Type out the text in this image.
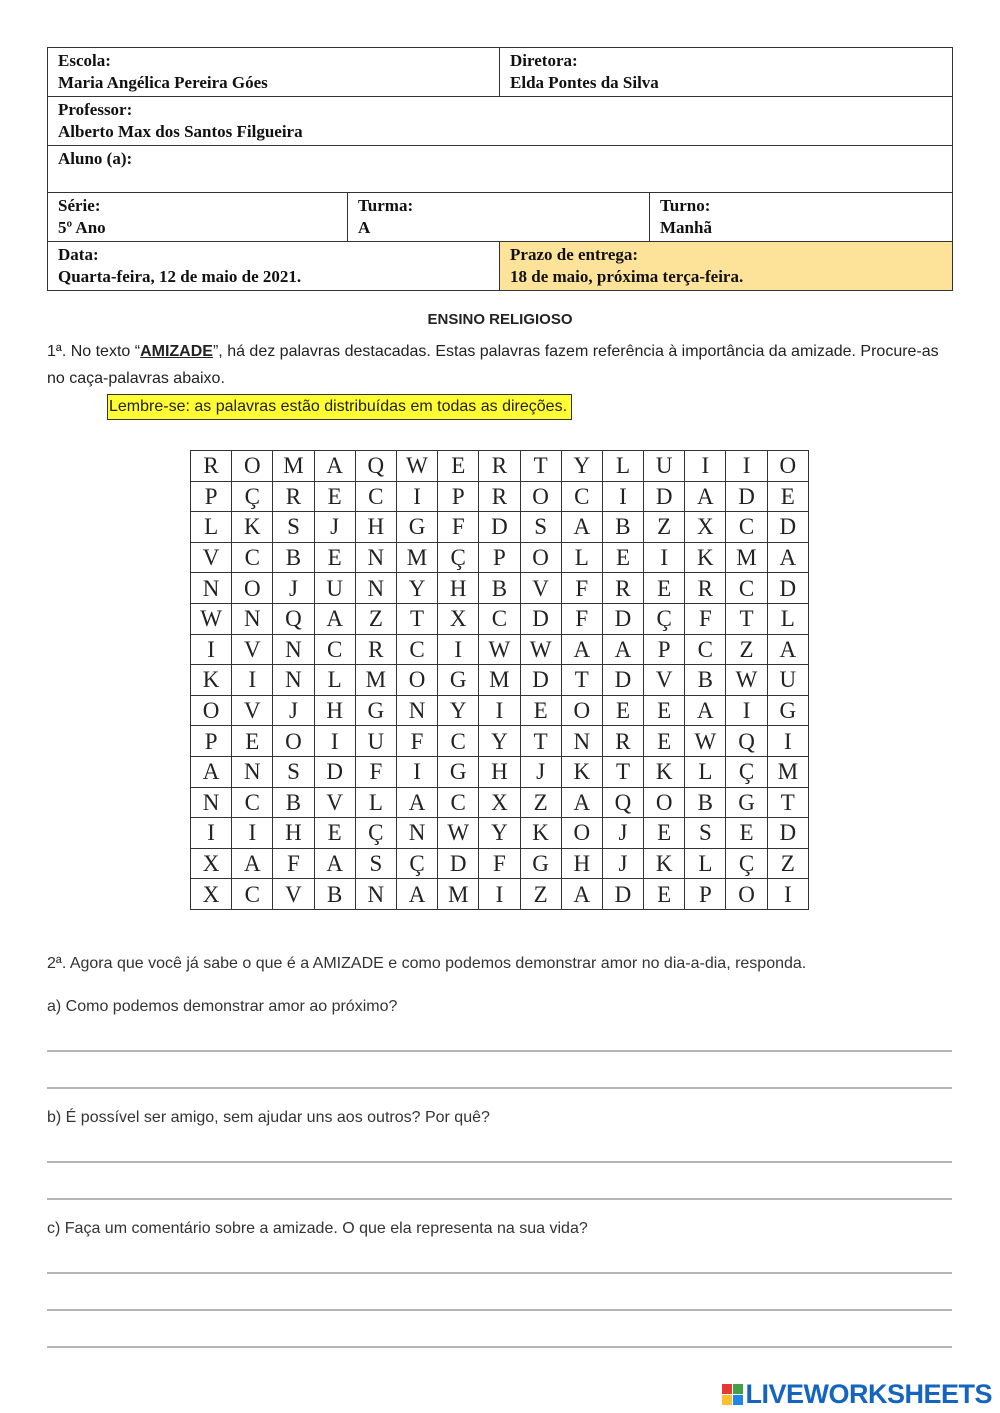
Escola:
Maria Angélica Pereira Góes		Diretora:
Elda Pontes da Silva	

Professor:
Alberto Max dos Santos Filgueira			

Aluno (a):			

Série:
5º Ano	Turma:
A		Turno:
Manhã

Data:
Quarta-feira, 12 de maio de 2021.		Prazo de entrega:
18 de maio, próxima terça-feira.	
ENSINO RELIGIOSO
1ª. No texto “AMIZADE”, há dez palavras destacadas. Estas palavras fazem referência à importância da amizade. Procure-as no caça-palavras abaixo.
Lembre-se: as palavras estão distribuídas em todas as direções.
R	O	M	A	Q	W	E	R	T	Y	L	U	I	I	O
P	Ç	R	E	C	I	P	R	O	C	I	D	A	D	E
L	K	S	J	H	G	F	D	S	A	B	Z	X	C	D
V	C	B	E	N	M	Ç	P	O	L	E	I	K	M	A
N	O	J	U	N	Y	H	B	V	F	R	E	R	C	D
W	N	Q	A	Z	T	X	C	D	F	D	Ç	F	T	L
I	V	N	C	R	C	I	W	W	A	A	P	C	Z	A
K	I	N	L	M	O	G	M	D	T	D	V	B	W	U
O	V	J	H	G	N	Y	I	E	O	E	E	A	I	G
P	E	O	I	U	F	C	Y	T	N	R	E	W	Q	I
A	N	S	D	F	I	G	H	J	K	T	K	L	Ç	M
N	C	B	V	L	A	C	X	Z	A	Q	O	B	G	T
I	I	H	E	Ç	N	W	Y	K	O	J	E	S	E	D
X	A	F	A	S	Ç	D	F	G	H	J	K	L	Ç	Z
X	C	V	B	N	A	M	I	Z	A	D	E	P	O	I
2ª. Agora que você já sabe o que é a AMIZADE e como podemos demonstrar amor no dia-a-dia, responda.
a) Como podemos demonstrar amor ao próximo?
b) É possível ser amigo, sem ajudar uns aos outros? Por quê?
c) Faça um comentário sobre a amizade. O que ela representa na sua vida?
LIVEWORKSHEETS
